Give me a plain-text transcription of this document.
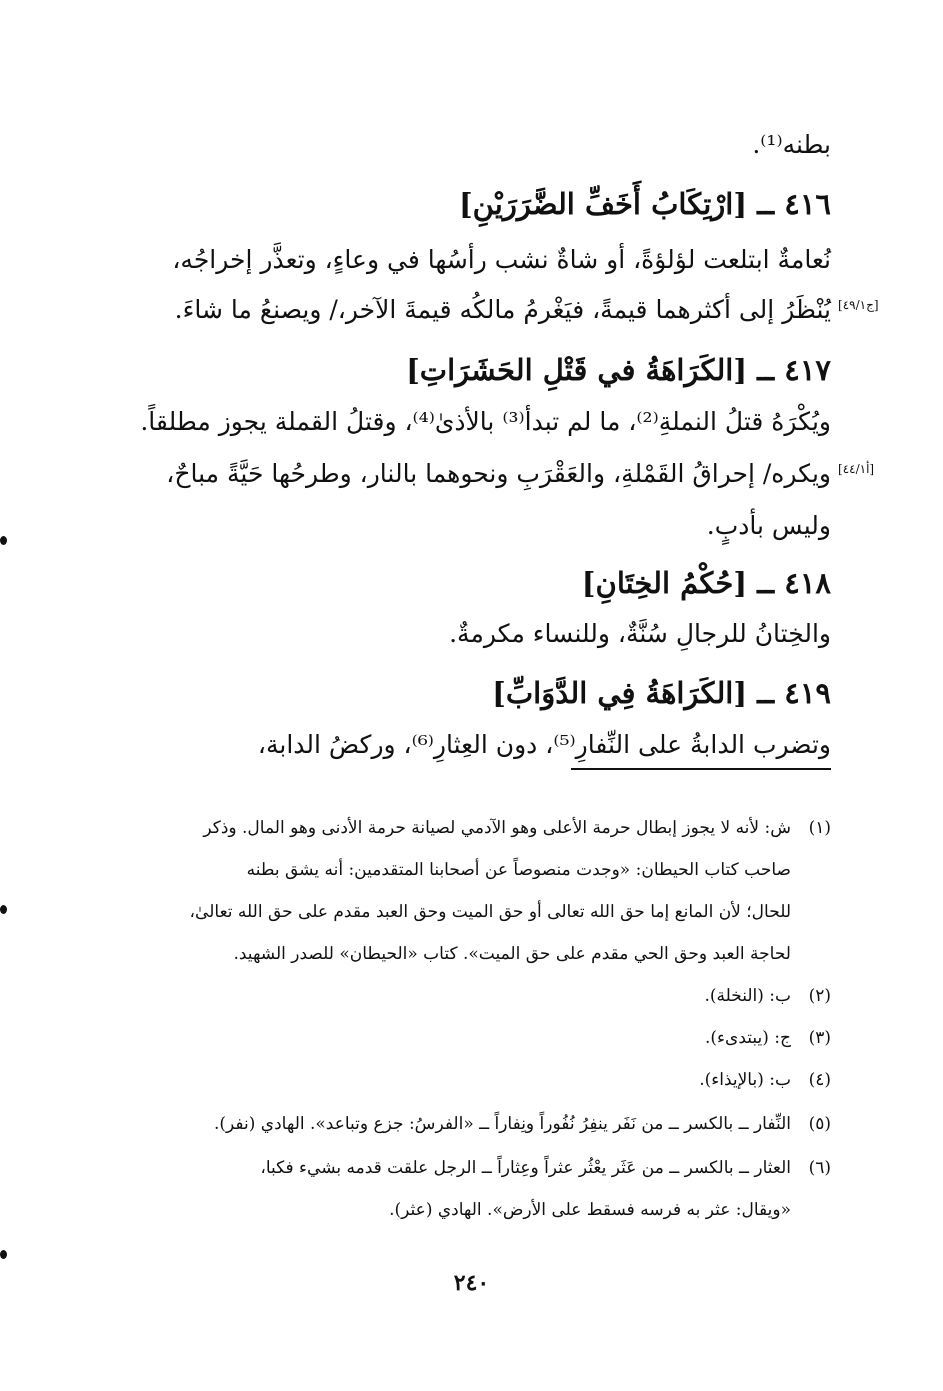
بطنه⁽¹⁾.
٤١٦ ــ [ارْتِكَابُ أَخَفِّ الضَّرَرَيْنِ]
نُعامةٌ ابتلعت لؤلؤةً، أو شاةٌ نشب رأسُها في وعاءٍ، وتعذَّر إخراجُه،
يُنْظَرُ إلى أكثرهما قيمةً، فيَغْرمُ مالكُه قيمةَ الآخر،/ ويصنعُ ما شاءَ.
٤١٧ ــ [الكَرَاهَةُ في قَتْلِ الحَشَرَاتِ]
ويُكْرَهُ قتلُ النملةِ⁽²⁾، ما لم تبدأ⁽³⁾ بالأذىٰ⁽⁴⁾، وقتلُ القملة يجوز مطلقاً.
ويكره/ إحراقُ القَمْلةِ، والعَقْرَبِ ونحوهما بالنار، وطرحُها حَيَّةً مباحٌ،
وليس بأدبٍ.
٤١٨ ــ [حُكْمُ الخِتَانِ]
والخِتانُ للرجالِ سُنَّةٌ، وللنساء مكرمةٌ.
٤١٩ ــ [الكَرَاهَةُ فِي الدَّوَابِّ]
وتضرب الدابةُ على النِّفارِ⁽⁵⁾، دون العِثارِ⁽⁶⁾، وركضُ الدابة،
[ج٤٩/١]
[أ٤٤/١]
(١)
ش: لأنه لا يجوز إبطال حرمة الأعلى وهو الآدمي لصيانة حرمة الأدنى وهو المال. وذكر
صاحب كتاب الحيطان: «وجدت منصوصاً عن أصحابنا المتقدمين: أنه يشق بطنه
للحال؛ لأن المانع إما حق الله تعالى أو حق الميت وحق العبد مقدم على حق الله تعالىٰ،
لحاجة العبد وحق الحي مقدم على حق الميت». كتاب «الحيطان» للصدر الشهيد.
(٢)
ب: (النخلة).
(٣)
ج: (يبتدىء).
(٤)
ب: (بالإيذاء).
(٥)
النِّفار ــ بالكسر ــ من نَفَر ينفِرُ نُفُوراً ونِفاراً ــ «الفرسُ: جزع وتباعد». الهادي (نفر).
(٦)
العثار ــ بالكسر ــ من عَثَر يعْثُر عثراً وعِثاراً ــ الرجل علقت قدمه بشيء فكبا،
«ويقال: عثر به فرسه فسقط على الأرض». الهادي (عثر).
٢٤٠
